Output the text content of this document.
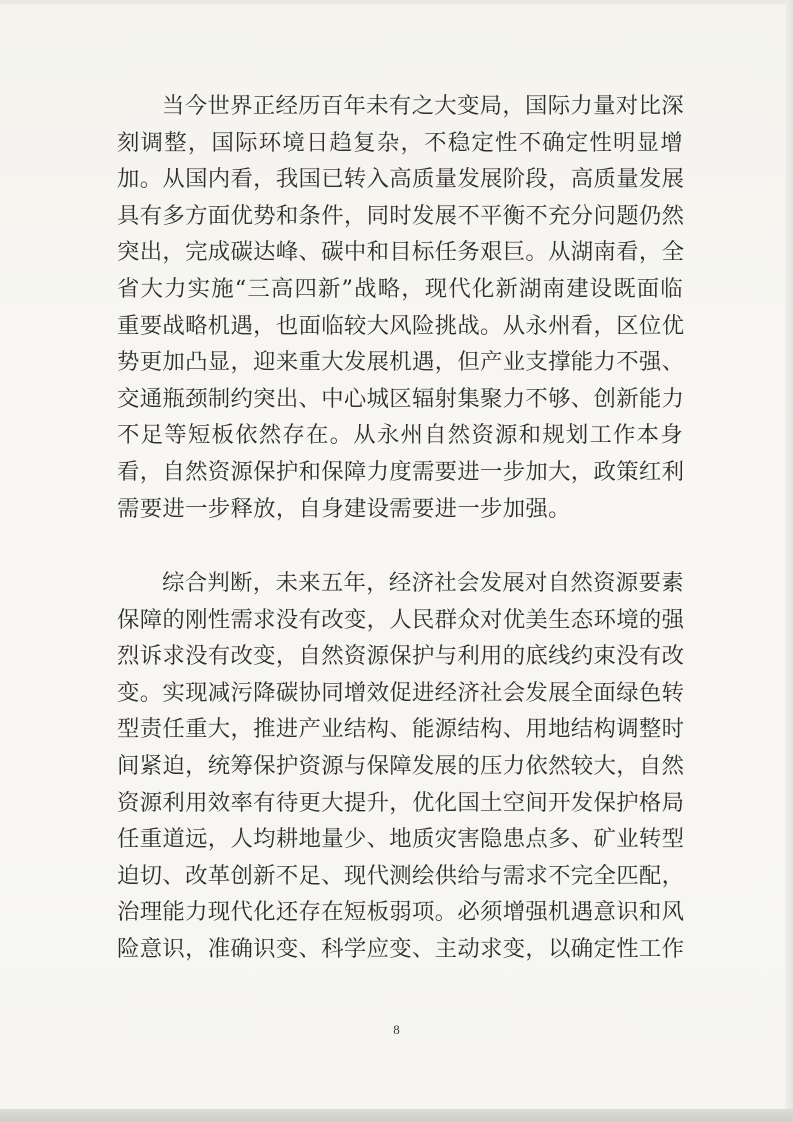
当今世界正经历百年未有之大变局，国际力量对比深
刻调整，国际环境日趋复杂，不稳定性不确定性明显增
加。从国内看，我国已转入高质量发展阶段，高质量发展
具有多方面优势和条件，同时发展不平衡不充分问题仍然
突出，完成碳达峰、碳中和目标任务艰巨。从湖南看，全
省大力实施“三高四新”战略，现代化新湖南建设既面临
重要战略机遇，也面临较大风险挑战。从永州看，区位优
势更加凸显，迎来重大发展机遇，但产业支撑能力不强、
交通瓶颈制约突出、中心城区辐射集聚力不够、创新能力
不足等短板依然存在。从永州自然资源和规划工作本身
看，自然资源保护和保障力度需要进一步加大，政策红利
需要进一步释放，自身建设需要进一步加强。

综合判断，未来五年，经济社会发展对自然资源要素
保障的刚性需求没有改变，人民群众对优美生态环境的强
烈诉求没有改变，自然资源保护与利用的底线约束没有改
变。实现减污降碳协同增效促进经济社会发展全面绿色转
型责任重大，推进产业结构、能源结构、用地结构调整时
间紧迫，统筹保护资源与保障发展的压力依然较大，自然
资源利用效率有待更大提升，优化国土空间开发保护格局
任重道远，人均耕地量少、地质灾害隐患点多、矿业转型
迫切、改革创新不足、现代测绘供给与需求不完全匹配，
治理能力现代化还存在短板弱项。必须增强机遇意识和风
险意识，准确识变、科学应变、主动求变，以确定性工作

8
